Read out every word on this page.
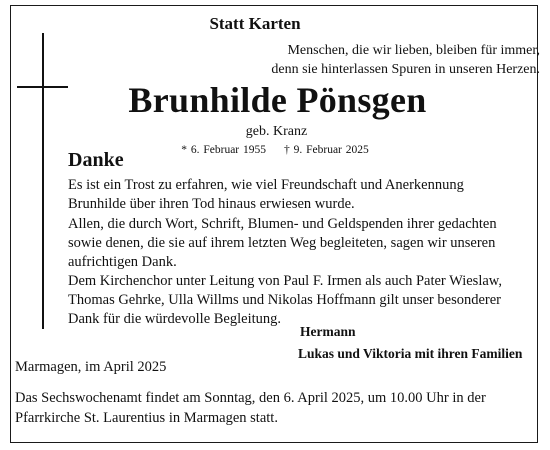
Statt Karten
Menschen, die wir lieben, bleiben für immer,
denn sie hinterlassen Spuren in unseren Herzen.
Brunhilde Pönsgen
geb. Kranz
* 6. Februar 1955 † 9. Februar 2025
Danke
Es ist ein Trost zu erfahren, wie viel Freundschaft und Anerkennung
Brunhilde über ihren Tod hinaus erwiesen wurde.
Allen, die durch Wort, Schrift, Blumen- und Geldspenden ihrer gedachten
sowie denen, die sie auf ihrem letzten Weg begleiteten, sagen wir unseren
aufrichtigen Dank.
Dem Kirchenchor unter Leitung von Paul F. Irmen als auch Pater Wieslaw,
Thomas Gehrke, Ulla Willms und Nikolas Hoffmann gilt unser besonderer
Dank für die würdevolle Begleitung.
Hermann
Lukas und Viktoria mit ihren Familien
Marmagen, im April 2025
Das Sechswochenamt findet am Sonntag, den 6. April 2025, um 10.00 Uhr in der
Pfarrkirche St. Laurentius in Marmagen statt.
